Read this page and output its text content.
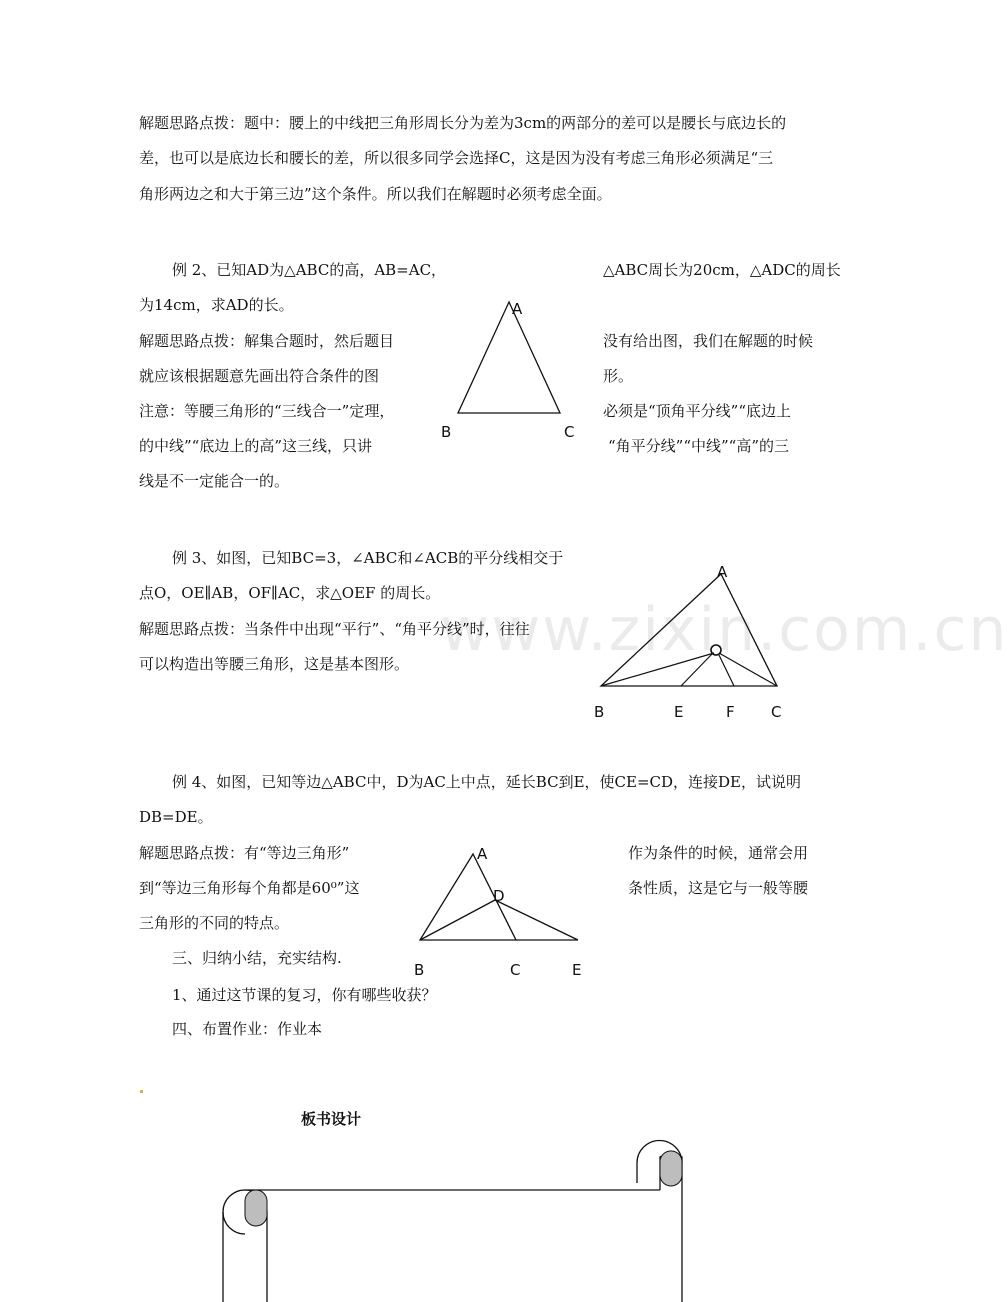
解题思路点拨：题中：腰上的中线把三角形周长分为差为3cm的两部分的差可以是腰长与底边长的
差，也可以是底边长和腰长的差，所以很多同学会选择C，这是因为没有考虑三角形必须满足“三
角形两边之和大于第三边”这个条件。所以我们在解题时必须考虑全面。
例 2、已知AD为△ABC的高，AB=AC，	△ABC周长为20cm，△ADC的周长
为14cm，求AD的长。
解题思路点拨：解集合题时，然后题目	没有给出图，我们在解题的时候
就应该根据题意先画出符合条件的图	形。
注意：等腰三角形的“三线合一”定理，	必须是“顶角平分线”“底边上
的中线”“底边上的高”这三线，只讲	“角平分线”“中线”“高”的三
线是不一定能合一的。
A
B	C
例 3、如图，已知BC=3，∠ABC和∠ACB的平分线相交于
点O，OE∥AB，OF∥AC，求△OEF 的周长。
解题思路点拨：当条件中出现“平行”、“角平分线”时，往往
可以构造出等腰三角形，这是基本图形。 www.zixin.com.cn
A
B	E	F C
例 4、如图，已知等边△ABC中，D为AC上中点，延长BC到E，使CE=CD，连接DE，试说明
DB=DE。
解题思路点拨：有“等边三角形”	作为条件的时候，通常会用
到“等边三角形每个角都是60⁰”这	条性质，这是它与一般等腰
三角形的不同的特点。
A
D
B	C	E
三、归纳小结，充实结构.
1、通过这节课的复习，你有哪些收获？
四、布置作业：作业本
板书设计
